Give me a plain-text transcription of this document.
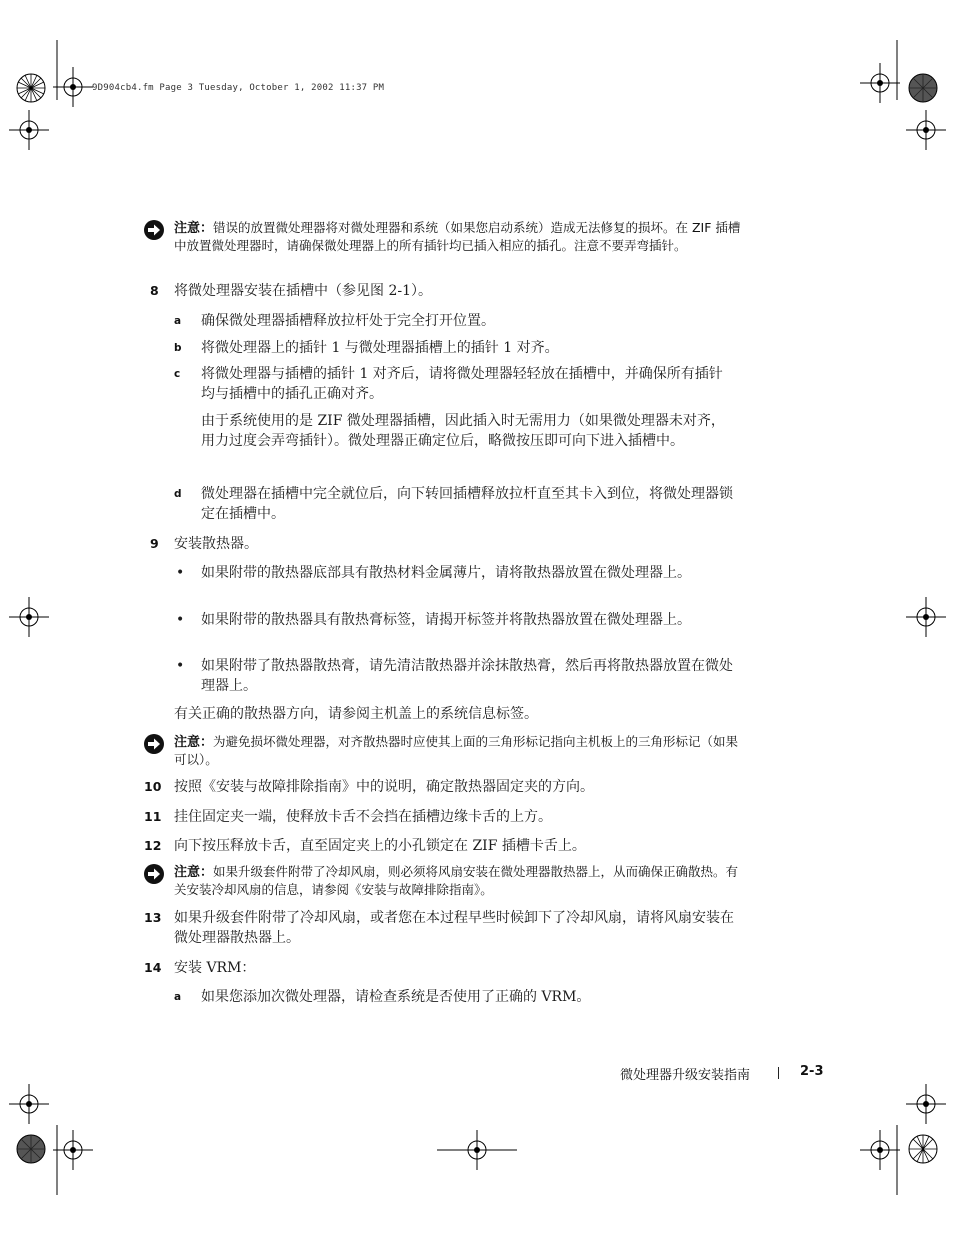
9D904cb4.fm Page 3 Tuesday, October 1, 2002 11:37 PM
注意：错误的放置微处理器将对微处理器和系统（如果您启动系统）造成无法修复的损坏。在 ZIF 插槽中放置微处理器时，请确保微处理器上的所有插针均已插入相应的插孔。注意不要弄弯插针。
8 将微处理器安装在插槽中（参见图 2-1）。
a 确保微处理器插槽释放拉杆处于完全打开位置。
b 将微处理器上的插针 1 与微处理器插槽上的插针 1 对齐。
c 将微处理器与插槽的插针 1 对齐后，请将微处理器轻轻放在插槽中，并确保所有插针均与插槽中的插孔正确对齐。
由于系统使用的是 ZIF 微处理器插槽，因此插入时无需用力（如果微处理器未对齐，用力过度会弄弯插针）。微处理器正确定位后，略微按压即可向下进入插槽中。
d 微处理器在插槽中完全就位后，向下转回插槽释放拉杆直至其卡入到位，将微处理器锁定在插槽中。
9 安装散热器。
• 如果附带的散热器底部具有散热材料金属薄片，请将散热器放置在微处理器上。
• 如果附带的散热器具有散热膏标签，请揭开标签并将散热器放置在微处理器上。
• 如果附带了散热器散热膏，请先清洁散热器并涂抹散热膏，然后再将散热器放置在微处理器上。
有关正确的散热器方向，请参阅主机盖上的系统信息标签。
注意：为避免损坏微处理器，对齐散热器时应使其上面的三角形标记指向主机板上的三角形标记（如果可以）。
10 按照《安装与故障排除指南》中的说明，确定散热器固定夹的方向。
11 挂住固定夹一端，使释放卡舌不会挡在插槽边缘卡舌的上方。
12 向下按压释放卡舌，直至固定夹上的小孔锁定在 ZIF 插槽卡舌上。
注意：如果升级套件附带了冷却风扇，则必须将风扇安装在微处理器散热器上，从而确保正确散热。有关安装冷却风扇的信息，请参阅《安装与故障排除指南》。
13 如果升级套件附带了冷却风扇，或者您在本过程早些时候卸下了冷却风扇，请将风扇安装在微处理器散热器上。
14 安装 VRM：
a 如果您添加次微处理器，请检查系统是否使用了正确的 VRM。
微处理器升级安装指南	2-3
